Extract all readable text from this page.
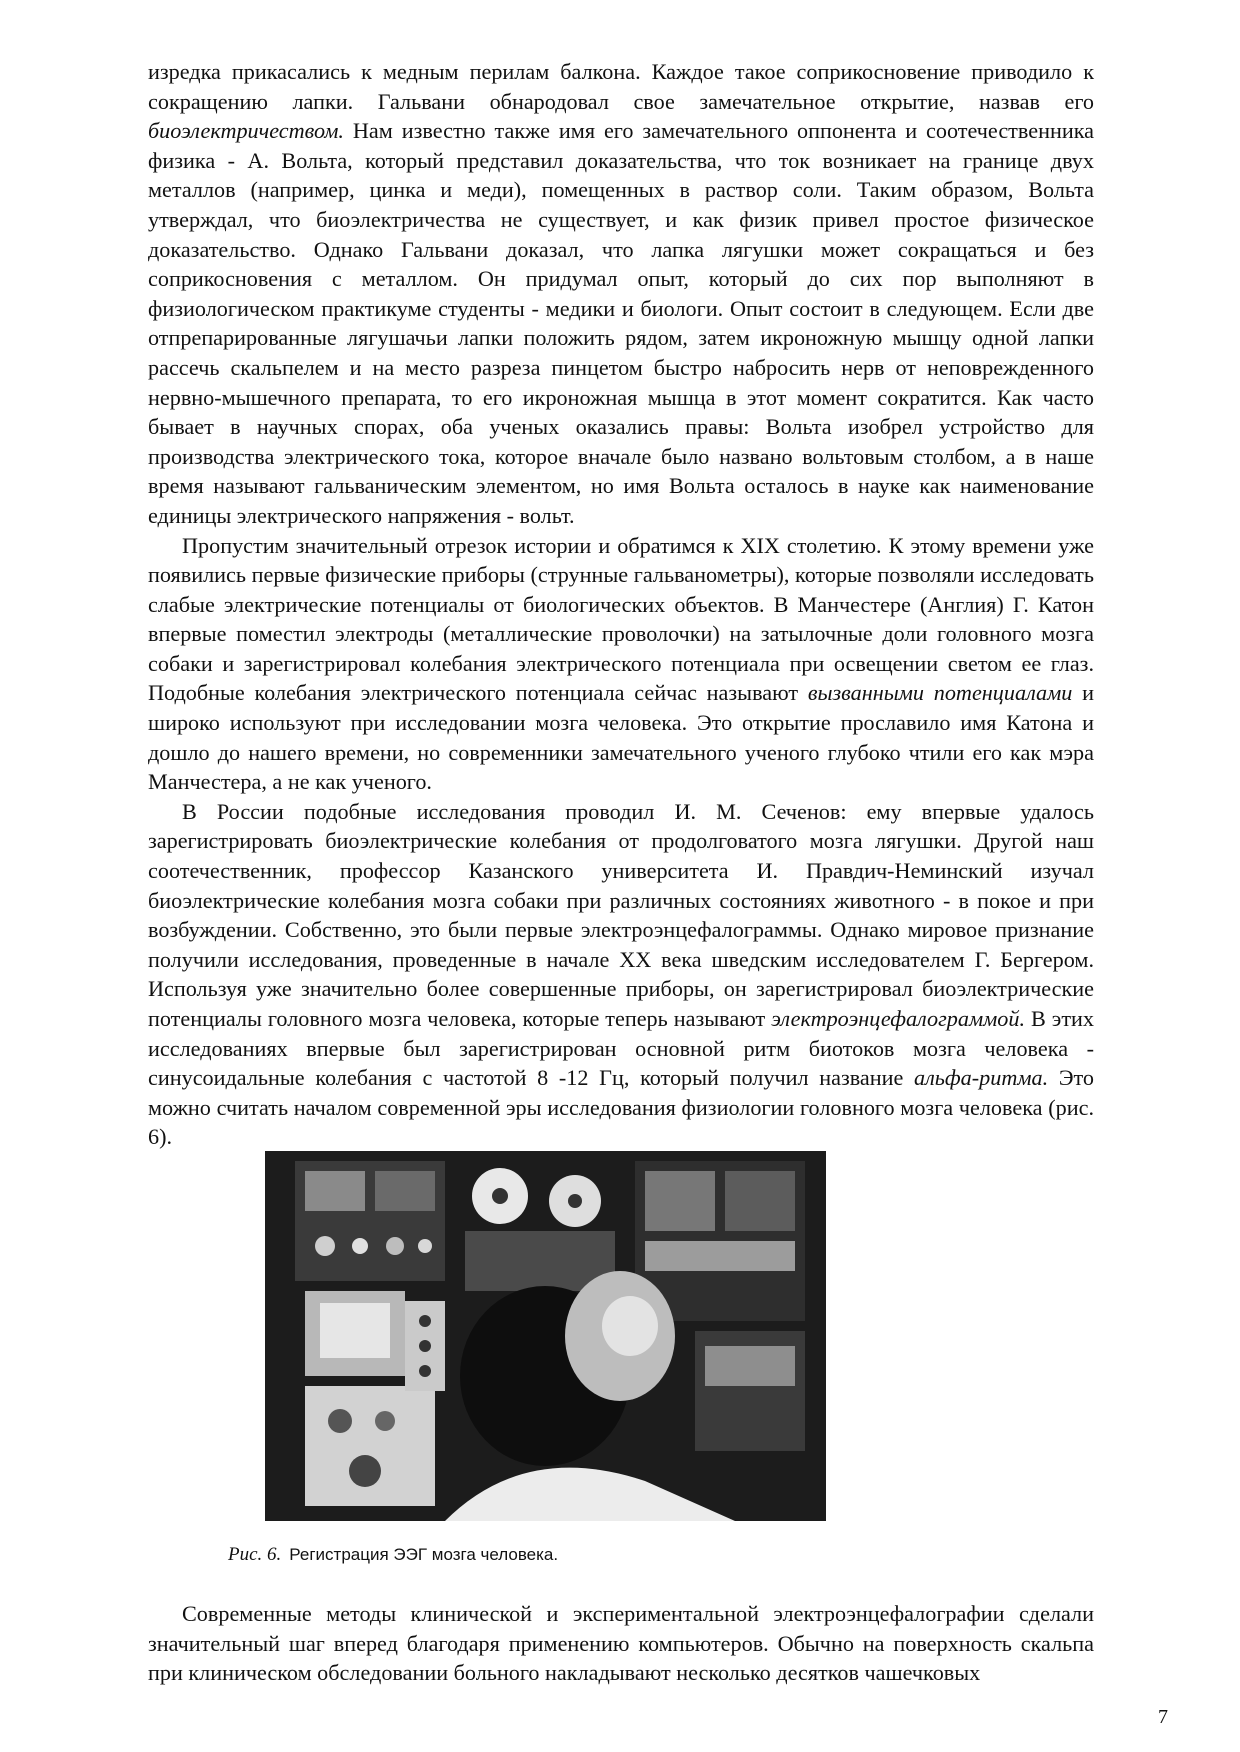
изредка прикасались к медным перилам балкона. Каждое такое соприкосновение приводило к сокращению лапки. Гальвани обнародовал свое замечательное открытие, назвав его биоэлектричеством. Нам известно также имя его замечательного оппонента и соотечественника физика - А. Вольта, который представил доказательства, что ток возникает на границе двух металлов (например, цинка и меди), помещенных в раствор соли. Таким образом, Вольта утверждал, что биоэлектричества не существует, и как физик привел простое физическое доказательство. Однако Гальвани доказал, что лапка лягушки может сокращаться и без соприкосновения с металлом. Он придумал опыт, который до сих пор выполняют в физиологическом практикуме студенты - медики и биологи. Опыт состоит в следующем. Если две отпрепарированные лягушачьи лапки положить рядом, затем икроножную мышцу одной лапки рассечь скальпелем и на место разреза пинцетом быстро набросить нерв от неповрежденного нервно-мышечного препарата, то его икроножная мышца в этот момент сократится. Как часто бывает в научных спорах, оба ученых оказались правы: Вольта изобрел устройство для производства электрического тока, которое вначале было названо вольтовым столбом, а в наше время называют гальваническим элементом, но имя Вольта осталось в науке как наименование единицы электрического напряжения - вольт.

Пропустим значительный отрезок истории и обратимся к XIX столетию. К этому времени уже появились первые физические приборы (струнные гальванометры), которые позволяли исследовать слабые электрические потенциалы от биологических объектов. В Манчестере (Англия) Г. Катон впервые поместил электроды (металлические проволочки) на затылочные доли головного мозга собаки и зарегистрировал колебания электрического потенциала при освещении светом ее глаз. Подобные колебания электрического потенциала сейчас называют вызванными потенциалами и широко используют при исследовании мозга человека. Это открытие прославило имя Катона и дошло до нашего времени, но современники замечательного ученого глубоко чтили его как мэра Манчестера, а не как ученого.

В России подобные исследования проводил И. М. Сеченов: ему впервые удалось зарегистрировать биоэлектрические колебания от продолговатого мозга лягушки. Другой наш соотечественник, профессор Казанского университета И. Правдич-Неминский изучал биоэлектрические колебания мозга собаки при различных состояниях животного - в покое и при возбуждении. Собственно, это были первые электроэнцефалограммы. Однако мировое признание получили исследования, проведенные в начале XX века шведским исследователем Г. Бергером. Используя уже значительно более совершенные приборы, он зарегистрировал биоэлектрические потенциалы головного мозга человека, которые теперь называют электроэнцефалограммой. В этих исследованиях впервые был зарегистрирован основной ритм биотоков мозга человека - синусоидальные колебания с частотой 8 -12 Гц, который получил название альфа-ритма. Это можно считать началом современной эры исследования физиологии головного мозга человека (рис. 6).

Рис. 6. Регистрация ЭЭГ мозга человека.

Современные методы клинической и экспериментальной электроэнцефалографии сделали значительный шаг вперед благодаря применению компьютеров. Обычно на поверхность скальпа при клиническом обследовании больного накладывают несколько десятков чашечковых

7
